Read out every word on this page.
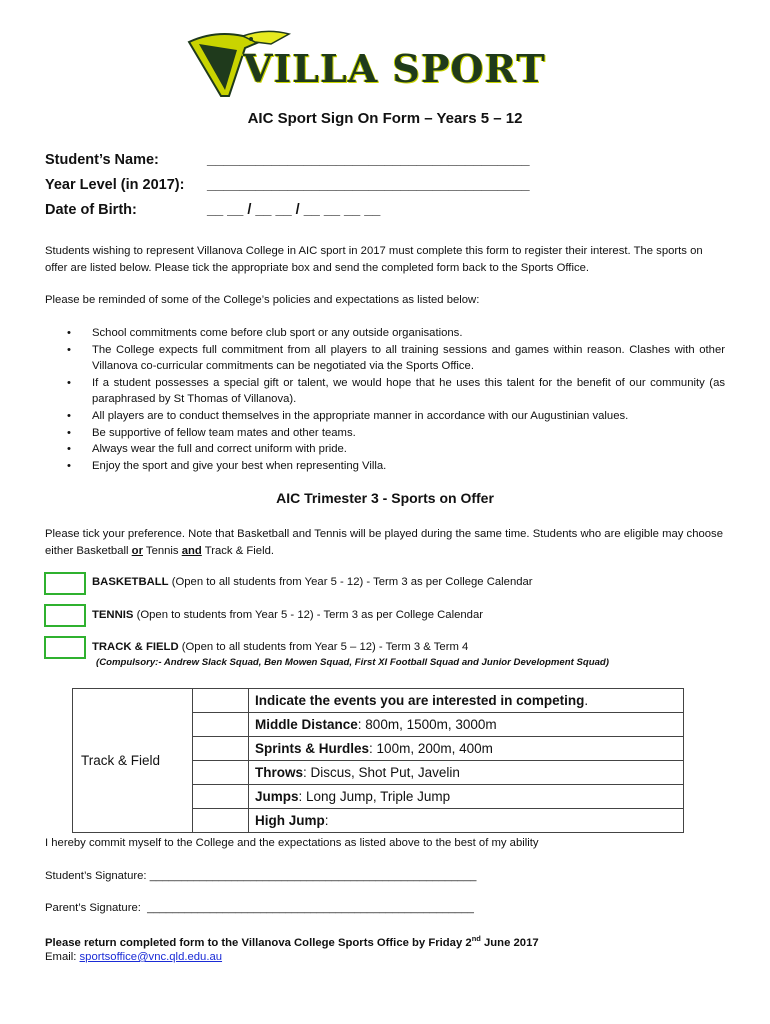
VILLA SPORT
AIC Sport Sign On Form – Years 5 – 12
Student’s Name:	________________________________________
Year Level (in 2017): ________________________________________
Date of Birth:	__ __ / __ __ / __ __ __ __
Students wishing to represent Villanova College in AIC sport in 2017 must complete this form to register their interest. The sports on offer are listed below. Please tick the appropriate box and send the completed form back to the Sports Office.
Please be reminded of some of the College’s policies and expectations as listed below:
• School commitments come before club sport or any outside organisations.
• The College expects full commitment from all players to all training sessions and games within reason. Clashes with other Villanova co-curricular commitments can be negotiated via the Sports Office.
• If a student possesses a special gift or talent, we would hope that he uses this talent for the benefit of our community (as paraphrased by St Thomas of Villanova).
• All players are to conduct themselves in the appropriate manner in accordance with our Augustinian values.
• Be supportive of fellow team mates and other teams.
• Always wear the full and correct uniform with pride.
• Enjoy the sport and give your best when representing Villa.
AIC Trimester 3 - Sports on Offer
Please tick your preference. Note that Basketball and Tennis will be played during the same time. Students who are eligible may choose either Basketball or Tennis and Track & Field.
BASKETBALL (Open to all students from Year 5 - 12) - Term 3 as per College Calendar
TENNIS (Open to students from Year 5 - 12) - Term 3 as per College Calendar
TRACK & FIELD (Open to all students from Year 5 – 12) - Term 3 & Term 4
(Compulsory:- Andrew Slack Squad, Ben Mowen Squad, First XI Football Squad and Junior Development Squad)
Track & Field		Indicate the events you are interested in competing.
		Middle Distance: 800m, 1500m, 3000m
		Sprints & Hurdles: 100m, 200m, 400m
		Throws: Discus, Shot Put, Javelin
		Jumps: Long Jump, Triple Jump
		High Jump:
I hereby commit myself to the College and the expectations as listed above to the best of my ability
Student’s Signature: ____________________________________________________
Parent’s Signature: ____________________________________________________
Please return completed form to the Villanova College Sports Office by Friday 2nd June 2017
Email: sportsoffice@vnc.qld.edu.au
